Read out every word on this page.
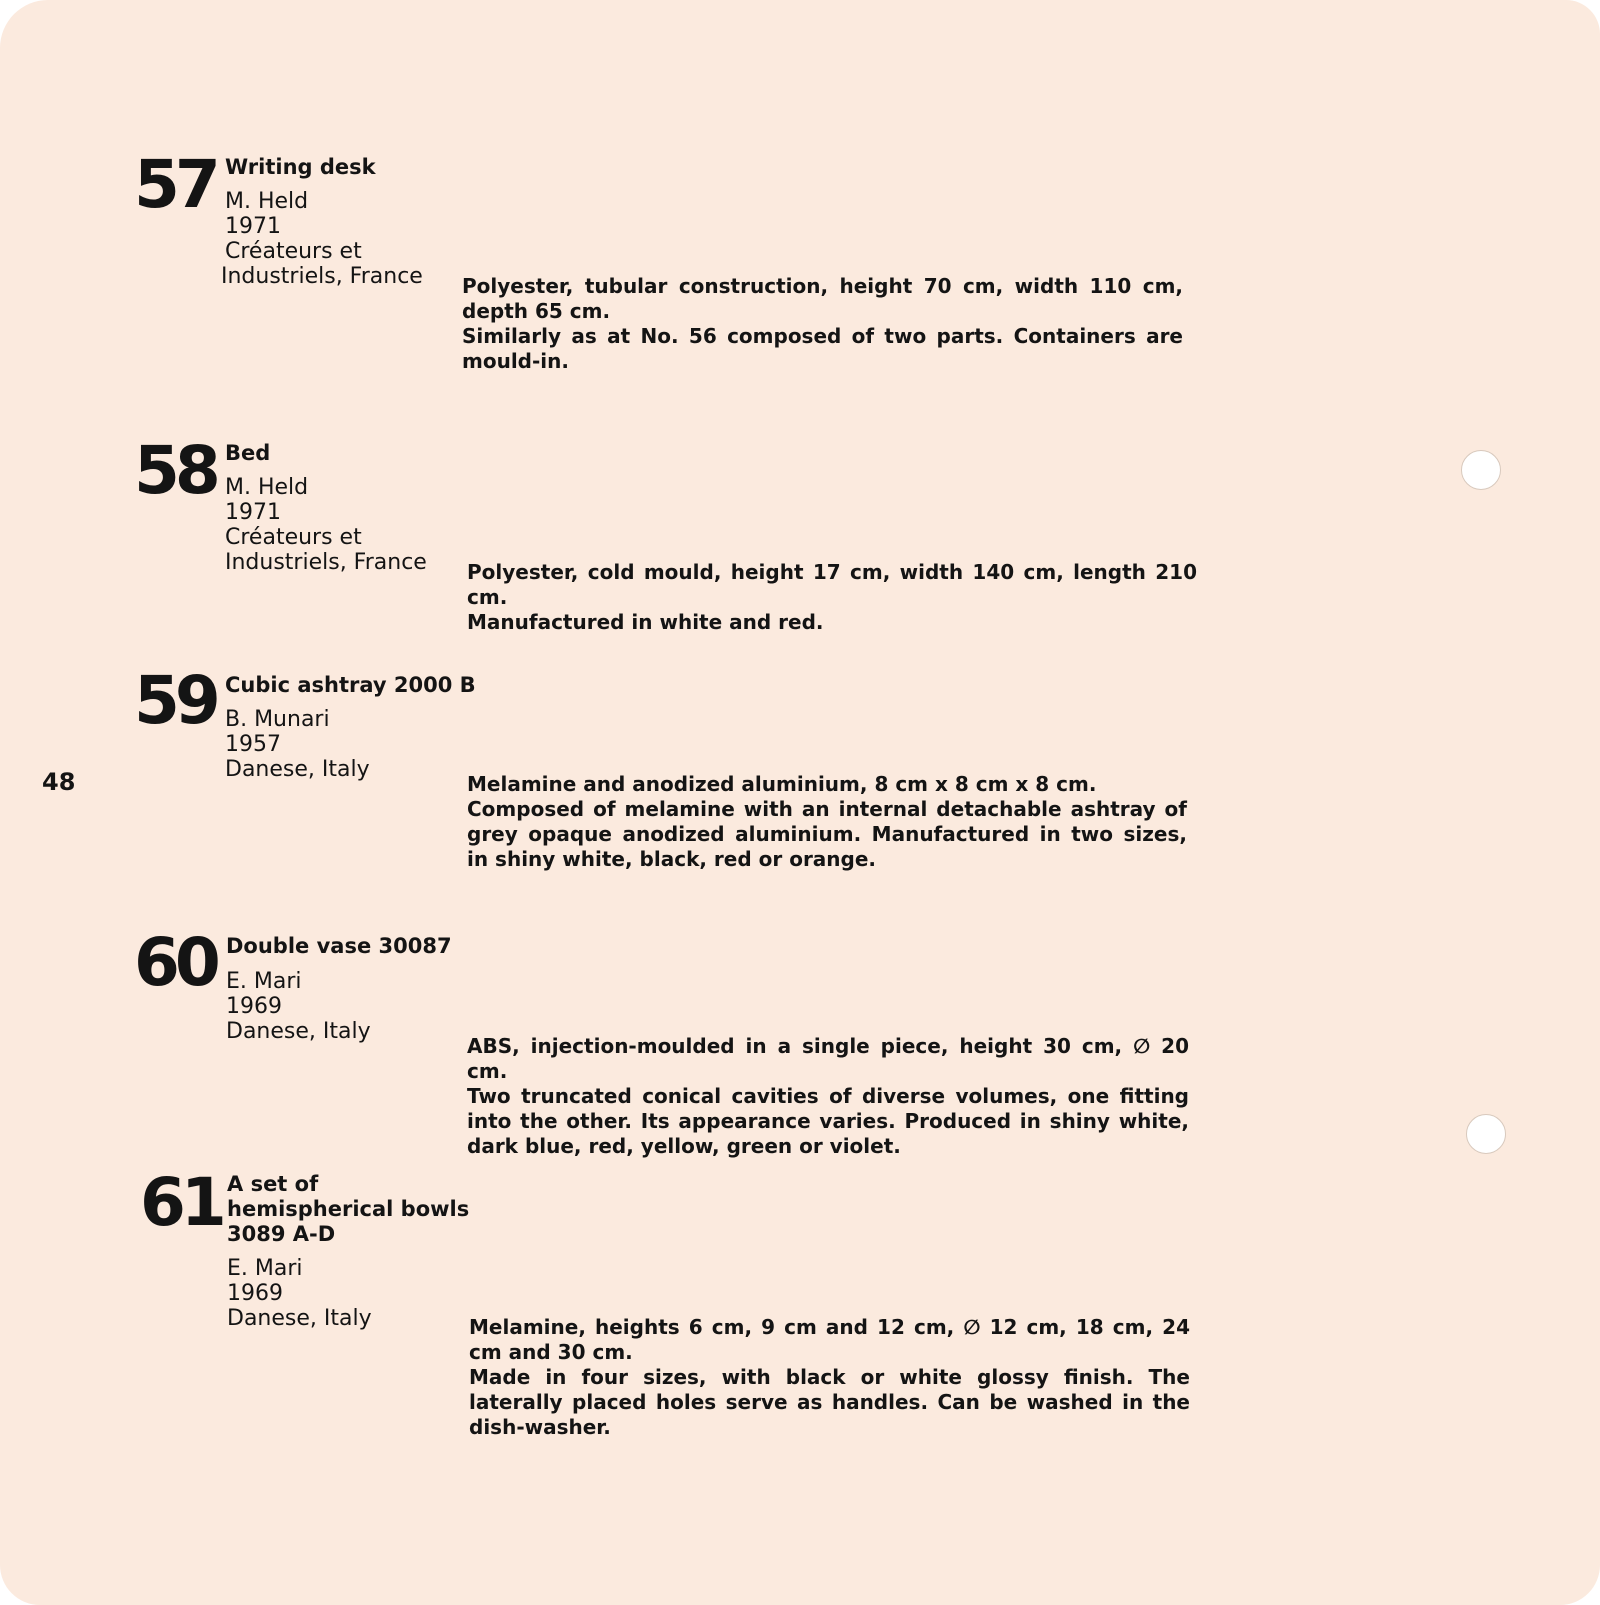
48
57 Writing desk
M. Held
1971
Créateurs et
Industriels, France Polyester, tubular construction, height 70 cm, width 110 cm, depth 65 cm.

Similarly as at No. 56 composed of two parts. Containers are mould-in.

58 Bed
M. Held
1971
Créateurs et
Industriels, France Polyester, cold mould, height 17 cm, width 140 cm, length 210 cm.

Manufactured in white and red.

59 Cubic ashtray 2000 B
B. Munari
1957
Danese, Italy

Melamine and anodized aluminium, 8 cm x 8 cm x 8 cm.

Composed of melamine with an internal detachable ashtray of grey opaque anodized aluminium. Manufactured in two sizes, in shiny white, black, red or orange.

60 Double vase 30087
E. Mari
1969
Danese, Italy

ABS, injection-moulded in a single piece, height 30 cm, ∅ 20 cm.

Two truncated conical cavities of diverse volumes, one fitting into the other. Its appearance varies. Produced in shiny white, dark blue, red, yellow, green or violet.

61 A set of
hemispherical bowls
3089 A-D
E. Mari
1969
Danese, Italy	Melamine, heights 6 cm, 9 cm and 12 cm, ∅ 12 cm, 18 cm, 24 cm and 30 cm.

Made in four sizes, with black or white glossy finish. The laterally placed holes serve as handles. Can be washed in the dish-washer.
